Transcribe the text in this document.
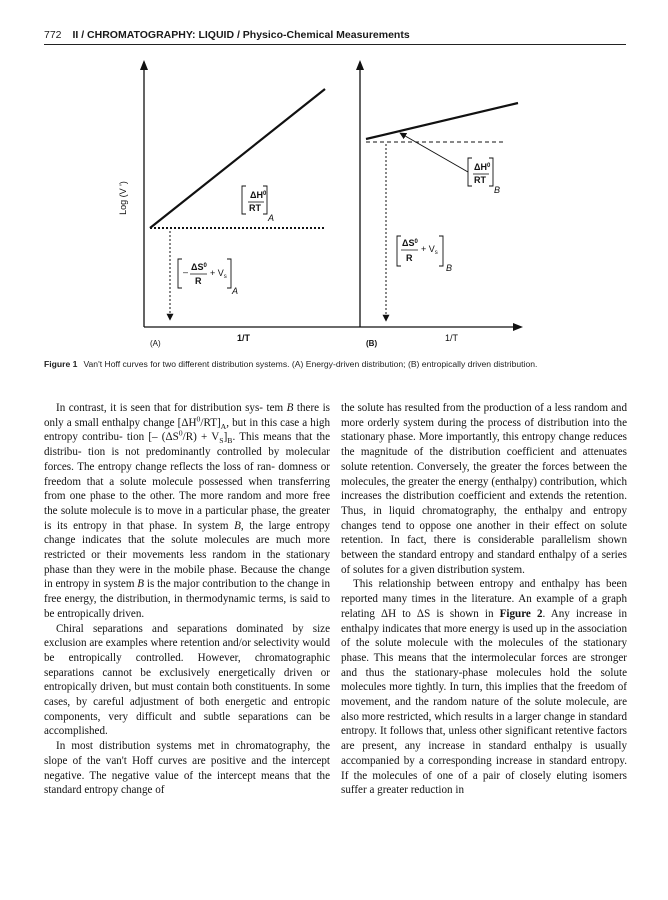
772 II / CHROMATOGRAPHY: LIQUID / Physico-Chemical Measurements
Log (V ʹ)	$\Delta H^0$
RT
A
– $\Delta S^0$
R
+ $V_s$
A
$\Delta H^0$
RT
B
$\Delta S^0$
R
+ $V_s$
B
1/T	1/T
(A)	(B)
Figure 1 Van't Hoff curves for two different distribution systems. (A) Energy-driven distribution; (B) entropically driven distribution.

In contrast, it is seen that for distribution sys- tem B there is only a small enthalpy change $[\Delta H^0/RT]_A$, but in this case a high entropy contribu- tion [– $(\Delta S^0/R) + V_S]_B$. This means that the distribu- tion is not predominantly controlled by molecular forces. The entropy change reflects the loss of ran- domness or freedom that a solute molecule possessed when transferring from one phase to the other. The more random and more free the solute molecule is to move in a particular phase, the greater is its entropy in that phase. In system B, the large entropy change indicates that the solute molecules are much more restricted or their movements less random in the stationary phase than they were in the mobile phase. Because the change in entropy in system B is the major contribution to the change in free energy, the distribution, in thermodynamic terms, is said to be entropically driven.

Chiral separations and separations dominated by size exclusion are examples where retention and/or selectivity would be entropically controlled. However, chromatographic separations cannot be exclusively energetically driven or entropically driven, but must contain both constituents. In some cases, by careful adjustment of both energetic and entropic components, very difficult and subtle separations can be accomplished.

In most distribution systems met in chromatography, the slope of the van't Hoff curves are positive and the intercept negative. The negative value of the intercept means that the standard entropy change of

the solute has resulted from the production of a less random and more orderly system during the process of distribution into the stationary phase. More importantly, this entropy change reduces the magnitude of the distribution coefficient and attenuates solute retention. Conversely, the greater the forces between the molecules, the greater the energy (enthalpy) contribution, which increases the distribution coefficient and extends the retention. Thus, in liquid chromatography, the enthalpy and entropy changes tend to oppose one another in their effect on solute retention. In fact, there is considerable parallelism shown between the standard entropy and standard enthalpy of a series of solutes for a given distribution system.

This relationship between entropy and enthalpy has been reported many times in the literature. An example of a graph relating ΔH to ΔS is shown in Figure 2. Any increase in enthalpy indicates that more energy is used up in the association of the solute molecule with the molecules of the stationary phase. This means that the intermolecular forces are stronger and thus the stationary-phase molecules hold the solute molecules more tightly. In turn, this implies that the freedom of movement, and the random nature of the solute molecule, are also more restricted, which results in a larger change in standard entropy. It follows that, unless other significant retentive factors are present, any increase in standard enthalpy is usually accompanied by a corresponding increase in standard entropy. If the molecules of one of a pair of closely eluting isomers suffer a greater reduction in
